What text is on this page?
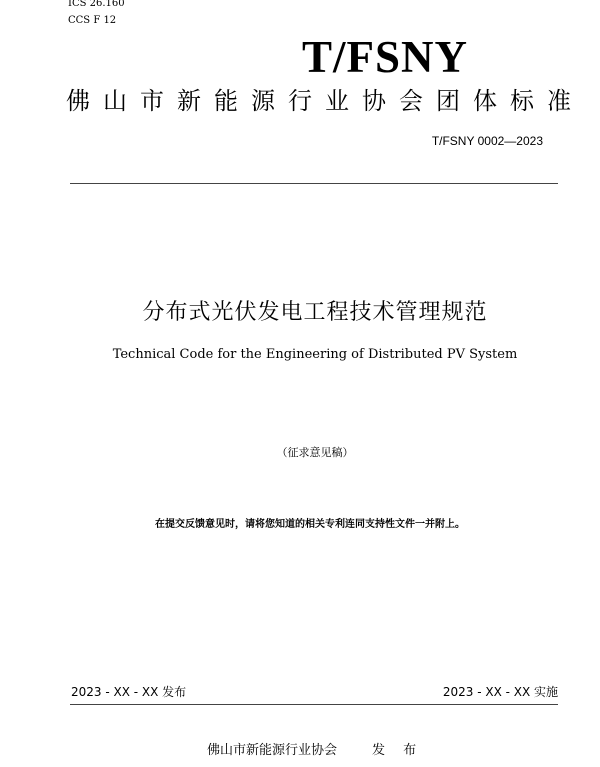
ICS 26.160
CCS F 12
T/FSNY
佛山市新能源行业协会团体标准
T/FSNY 0002—2023
分布式光伏发电工程技术管理规范
Technical Code for the Engineering of Distributed PV System
（征求意见稿）
在提交反馈意见时，请将您知道的相关专利连同支持性文件一并附上。
2023 - XX - XX 发布	2023 - XX - XX 实施
佛山市新能源行业协会	发 布
